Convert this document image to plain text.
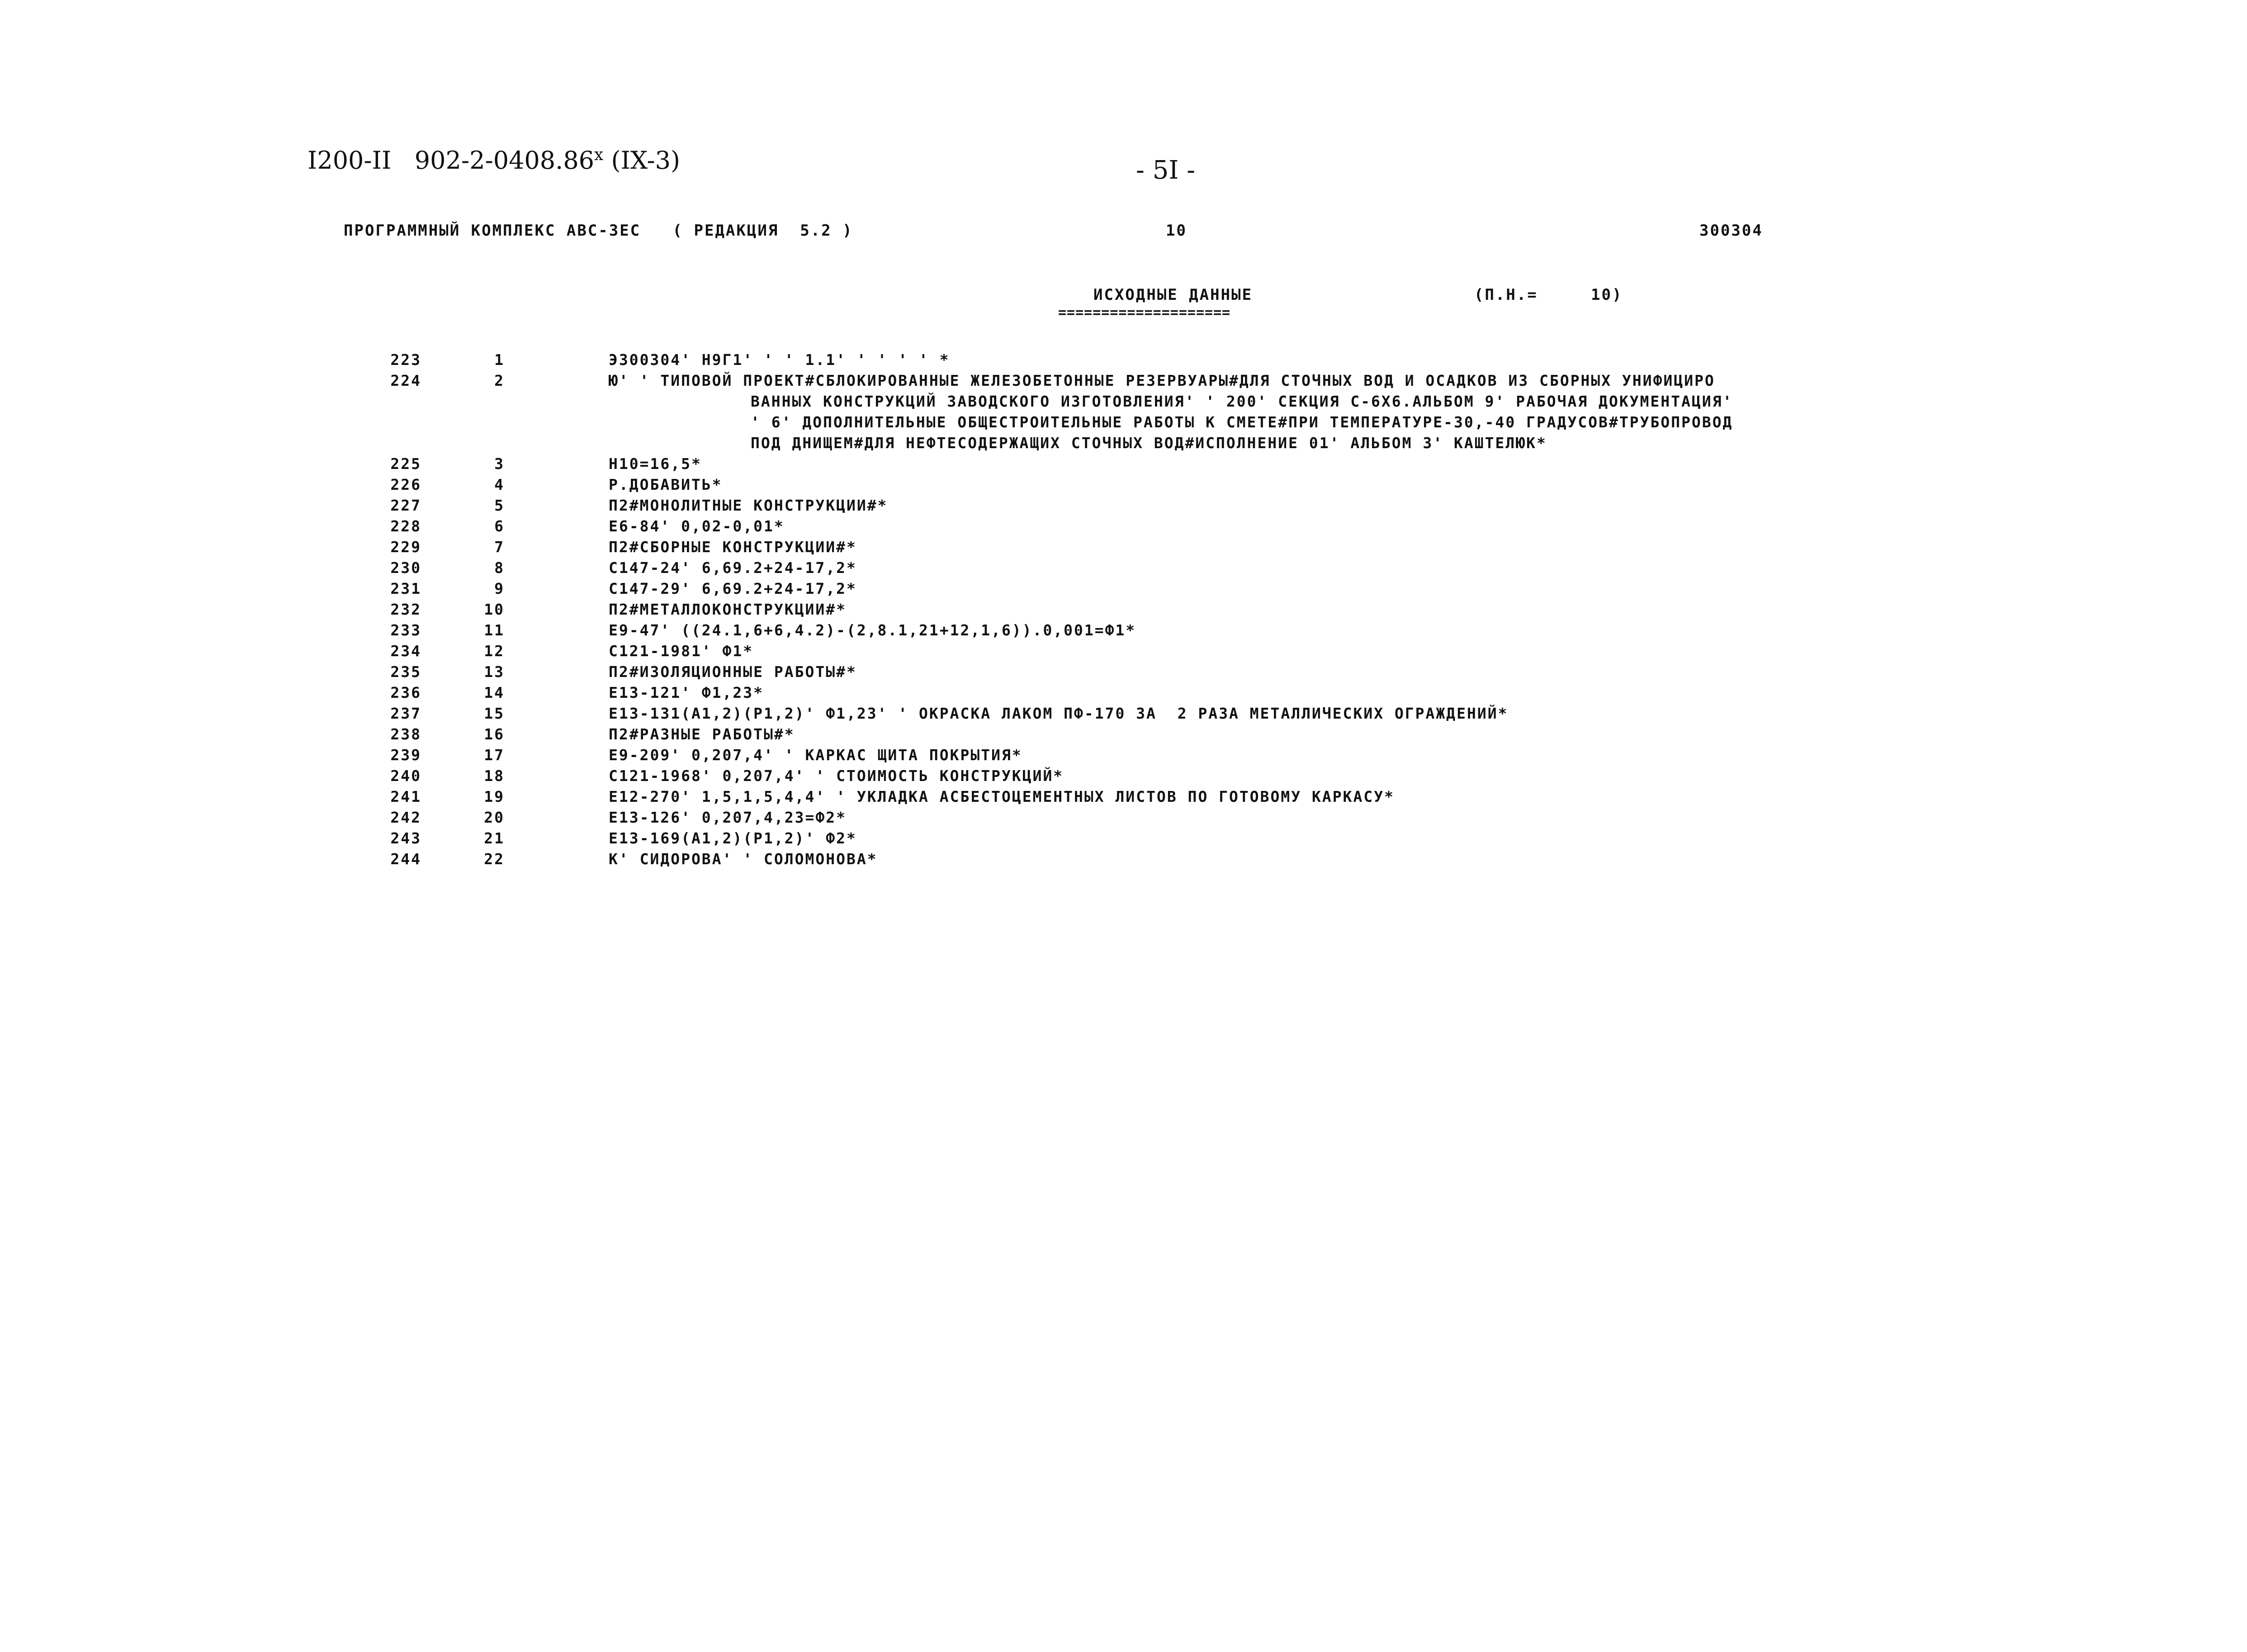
I200-II   902-2-0408.86$^x$ (IX-3)	- 5I -
ПРОГРАММНЫЙ КОМПЛЕКС АВС-3ЕС   ( РЕДАКЦИЯ  5.2 )	10	300304
ИСХОДНЫЕ ДАННЫЕ	(П.Н.=     10)
====================
223	1	Э300304' Н9Г1' ' ' 1.1' ' ' ' ' *
224	2	Ю' ' ТИПОВОЙ ПРОЕКТ#СБЛОКИРОВАННЫЕ ЖЕЛЕЗОБЕТОННЫЕ РЕЗЕРВУАРЫ#ДЛЯ СТОЧНЫХ ВОД И ОСАДКОВ ИЗ СБОРНЫХ УНИФИЦИРО
ВАННЫХ КОНСТРУКЦИЙ ЗАВОДСКОГО ИЗГОТОВЛЕНИЯ' ' 200' СЕКЦИЯ С-6Х6.АЛЬБОМ 9' РАБОЧАЯ ДОКУМЕНТАЦИЯ'
' 6' ДОПОЛНИТЕЛЬНЫЕ ОБЩЕСТРОИТЕЛЬНЫЕ РАБОТЫ К СМЕТЕ#ПРИ ТЕМПЕРАТУРЕ-30,-40 ГРАДУСОВ#ТРУБОПРОВОД
ПОД ДНИЩЕМ#ДЛЯ НЕФТЕСОДЕРЖАЩИХ СТОЧНЫХ ВОД#ИСПОЛНЕНИЕ 01' АЛЬБОМ 3' КАШТЕЛЮК*
225	3	Н10=16,5*
226	4	Р.ДОБАВИТЬ*
227	5	П2#МОНОЛИТНЫЕ КОНСТРУКЦИИ#*
228	6	Е6-84' 0,02-0,01*
229	7	П2#СБОРНЫЕ КОНСТРУКЦИИ#*
230	8	С147-24' 6,69.2+24-17,2*
231	9	С147-29' 6,69.2+24-17,2*
232	10	П2#МЕТАЛЛОКОНСТРУКЦИИ#*
233	11	Е9-47' ((24.1,6+6,4.2)-(2,8.1,21+12,1,6)).0,001=Ф1*
234	12	С121-1981' Ф1*
235	13	П2#ИЗОЛЯЦИОННЫЕ РАБОТЫ#*
236	14	Е13-121' Ф1,23*
237	15	Е13-131(А1,2)(Р1,2)' Ф1,23' ' ОКРАСКА ЛАКОМ ПФ-170 ЗА  2 РАЗА МЕТАЛЛИЧЕСКИХ ОГРАЖДЕНИЙ*
238	16	П2#РАЗНЫЕ РАБОТЫ#*
239	17	Е9-209' 0,207,4' ' КАРКАС ЩИТА ПОКРЫТИЯ*
240	18	С121-1968' 0,207,4' ' СТОИМОСТЬ КОНСТРУКЦИЙ*
241	19	Е12-270' 1,5,1,5,4,4' ' УКЛАДКА АСБЕСТОЦЕМЕНТНЫХ ЛИСТОВ ПО ГОТОВОМУ КАРКАСУ*
242	20	Е13-126' 0,207,4,23=Ф2*
243	21	Е13-169(А1,2)(Р1,2)' Ф2*
244	22	К' СИДОРОВА' ' СОЛОМОНОВА*
